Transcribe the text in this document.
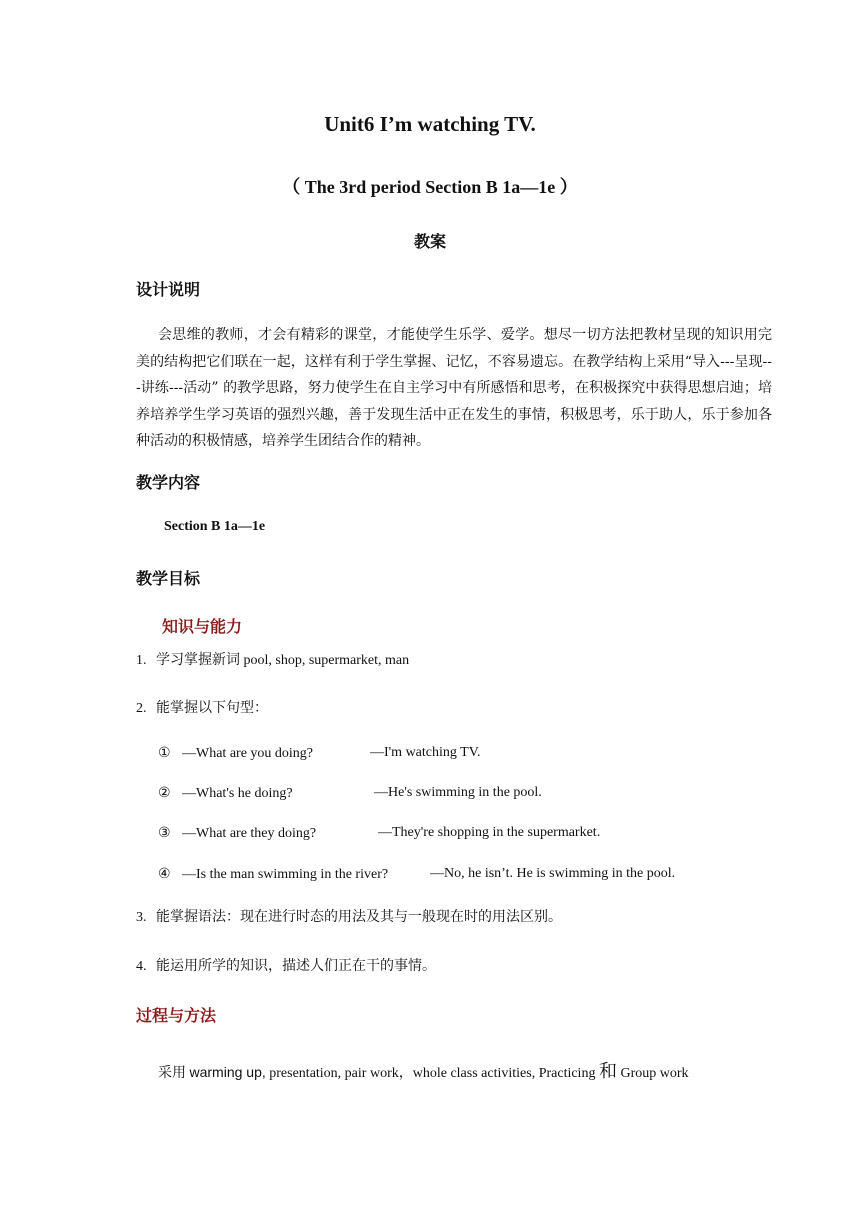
Unit6 I’m watching TV.
（ The 3rd period Section B 1a—1e ）
教案
设计说明
会思维的教师，才会有精彩的课堂，才能使学生乐学、爱学。想尽一切方法把教材呈现的知识用完美的结构把它们联在一起，这样有利于学生掌握、记忆，不容易遗忘。在教学结构上采用“导入---呈现---讲练---活动” 的教学思路，努力使学生在自主学习中有所感悟和思考，在积极探究中获得思想启迪；培养培养学生学习英语的强烈兴趣，善于发现生活中正在发生的事情，积极思考，乐于助人，乐于参加各种活动的积极情感，培养学生团结合作的精神。
教学内容
Section B 1a—1e
教学目标
知识与能力
1. 学习掌握新词 pool, shop, supermarket, man
2. 能掌握以下句型：
① —What are you doing?	—I'm watching TV.
② —What's he doing?	—He's swimming in the pool.
③ —What are they doing?	—They're shopping in the supermarket.
④ —Is the man swimming in the river?	—No, he isn’t. He is swimming in the pool.
3. 能掌握语法：现在进行时态的用法及其与一般现在时的用法区别。
4. 能运用所学的知识，描述人们正在干的事情。
过程与方法
采用 warming up, presentation, pair work，whole class activities, Practicing 和 Group work
